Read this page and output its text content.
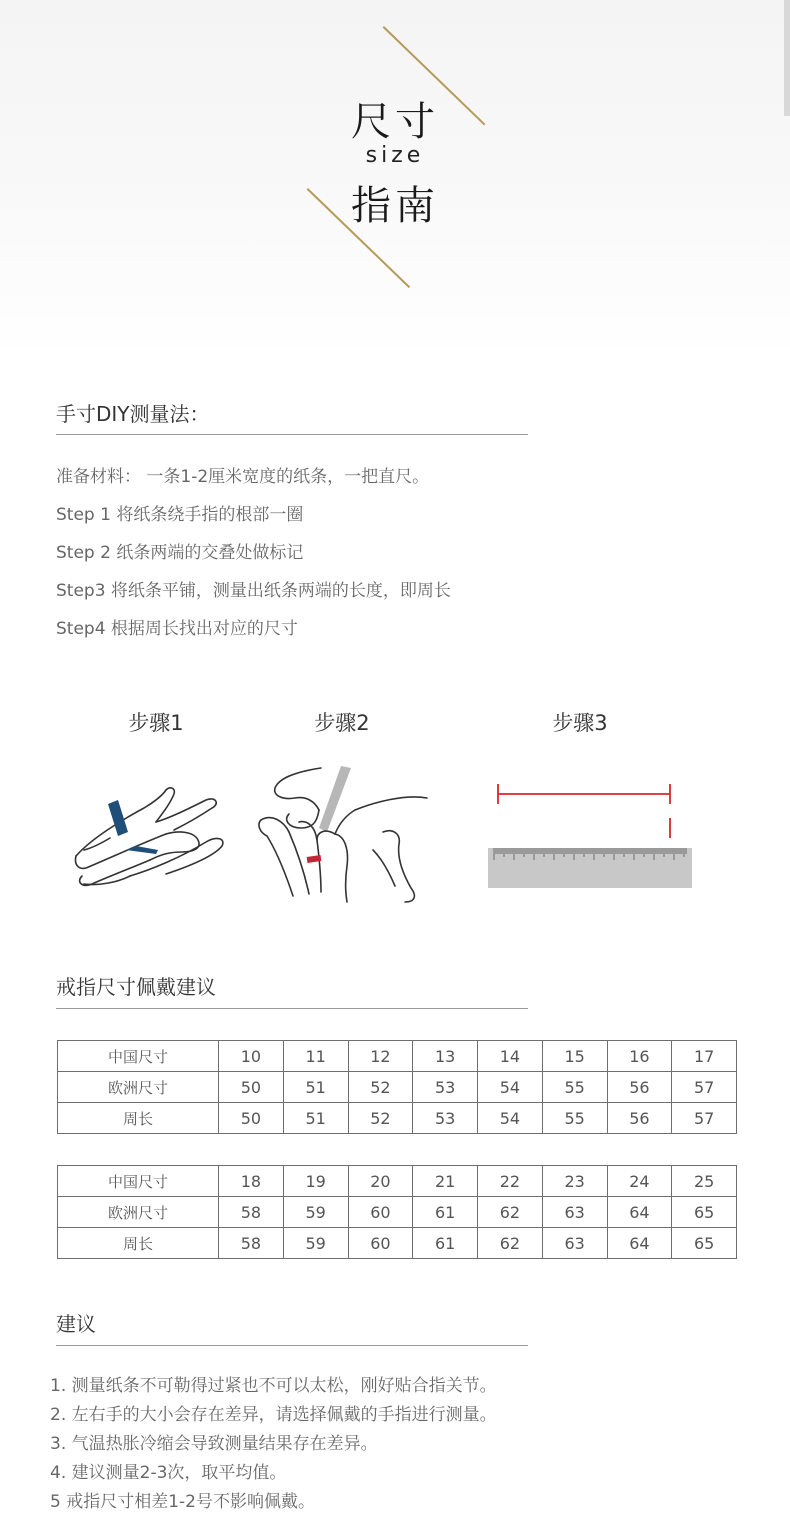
尺寸
size
指南
手寸DIY测量法：
准备材料： 一条1-2厘米宽度的纸条，一把直尺。
Step 1 将纸条绕手指的根部一圈
Step 2 纸条两端的交叠处做标记
Step3 将纸条平铺，测量出纸条两端的长度，即周长
Step4 根据周长找出对应的尺寸
步骤1	步骤2	步骤3
戒指尺寸佩戴建议
中国尺寸	10	11	12	13	14	15	16	17
欧洲尺寸	50	51	52	53	54	55	56	57
周长	50	51	52	53	54	55	56	57
中国尺寸	18	19	20	21	22	23	24	25
欧洲尺寸	58	59	60	61	62	63	64	65
周长	58	59	60	61	62	63	64	65
建议
1. 测量纸条不可勒得过紧也不可以太松，刚好贴合指关节。
2. 左右手的大小会存在差异，请选择佩戴的手指进行测量。
3. 气温热胀冷缩会导致测量结果存在差异。
4. 建议测量2-3次，取平均值。
5 戒指尺寸相差1-2号不影响佩戴。
